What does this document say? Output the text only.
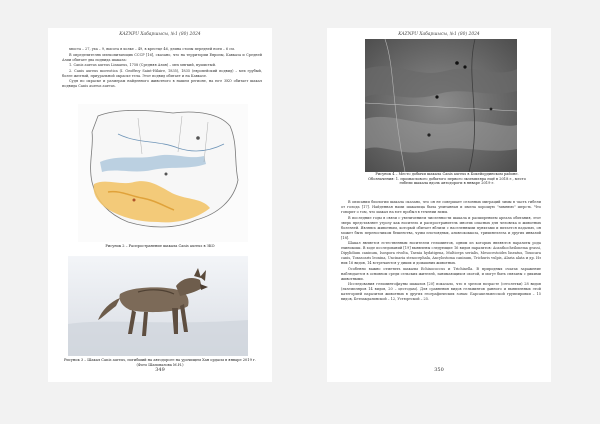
KAZNPU Хабаршысы, №1 (80) 2024

хвоста – 27, уха – 9, высота в холке – 49, в крестце 46, длина стопы передней ноги – 6 см.

В определителях млекопитающих СССР [16], сказано, что на территории Европы, Кавказа и Средней Азии обитает два подвида шакала:

1. Canis aureus aureus Linnaeus, 1758 (Средняя Азия) – мех мягкий, пушистый.

2. Canis aureus moreotica (I. Geoffroy Saint-Hilaire, 1835), 1835 (европейский подвид) – мех грубый, более желтый, приуральной окраске тела. Этот подвид обитает и на Кавказе.

Судя по окраске и размерам найденного животного в нашем регионе, на юге ЗКО обитает шакал подвида Canis aureus aureus.

Рисунок 2 – Распространение шакала Canis aureus в ЗКО
Рисунок 3 – Шакал Canis aureus, погибший на автодороге на урочищем Хан ордасы в январе 2019 г. (Фото Шаповалова М.Н.)
349
KAZNPU Хабаршысы, №1 (80) 2024
Рисунок 4 – Место добычи шакала Canis aureus в Бокейординском районе. Обозначения: 1. промыслового добытого первого экземпляра ещё в 2018 г., место гибели шакала вдоль автодороги в январе 2019 г.

В описании биологии шакала сказано, что он не совершает сезонных миграций зимы в часть гибели от голода [17]. Найденная нами шакалица была упитанная и имела хорошую "зимнюю" шерсть. Что говорит о том, что шакал на юге пробыл в течении зимы.

В последние годы в связи с увеличением численности шакала и расширением ареала обитания, этот зверь представляет угрозу как носитель и распространитель многих опасных для человека и животных болезней. Являясь животным, который обитает вблизи с населенными пунктами и питается падалью, он может быть переносчиком бешенства, чумы плотоядных, альвеококкоза, трихинеллеза и других инвазий [18].

Шакал является естественным носителем гельминтов, одним из которых являются паразиты рода ехинококк. В ходе исследований [19] выявлены следующие 16 видов паразитов: Acanthocheilonema grassi, Dipylidium caninum, Isospora rivolta, Taenia hydatigena, Multiceps serialis, Mesocestoides lineatus, Toxocara canis, Toxascaris leonina, Uncinaria stenocephala, Ancylostoma caninum, Trichuris vulpis, Alaria alata и др. Из них 16 видов, 14 встречаются у диких и домашних животных.

Особенно важно отметить шакалы Echinococcus и Trichinella. В природных очагах заражение наблюдается в основном среди сельских жителей, занимающихся охотой, и могут быть связаны с дикими животными.

Исследования гельминтофауны шакалов [20] показало, что в зрелом возрасте (сеголетки) 28 видов (экземпляров 14 видов, 20 – цестодам). Для сравнения видов гельминтов данного и выявленных этой категорией паразитов животных в других географических зонах: Барсакельмесской группировки – 15 видов, Бетпакдалинской – 12, Устюртской – 25.

350
